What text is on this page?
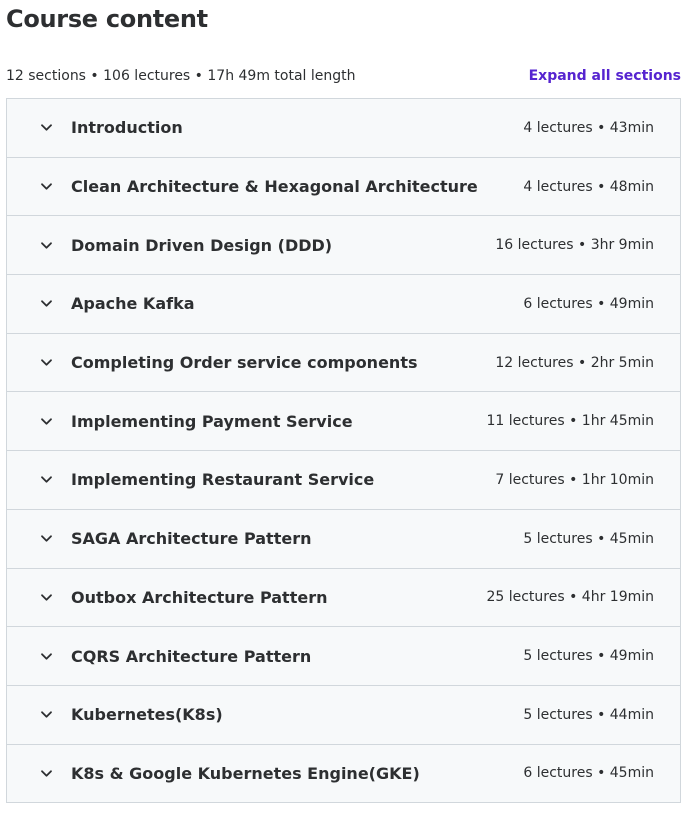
Course content
12 sections • 106 lectures • 17h 49m total length	Expand all sections
Introduction	4 lectures • 43min
Clean Architecture & Hexagonal Architecture	4 lectures • 48min
Domain Driven Design (DDD)	16 lectures • 3hr 9min
Apache Kafka	6 lectures • 49min
Completing Order service components	12 lectures • 2hr 5min
Implementing Payment Service	11 lectures • 1hr 45min
Implementing Restaurant Service	7 lectures • 1hr 10min
SAGA Architecture Pattern	5 lectures • 45min
Outbox Architecture Pattern	25 lectures • 4hr 19min
CQRS Architecture Pattern	5 lectures • 49min
Kubernetes(K8s)	5 lectures • 44min
K8s & Google Kubernetes Engine(GKE)	6 lectures • 45min
